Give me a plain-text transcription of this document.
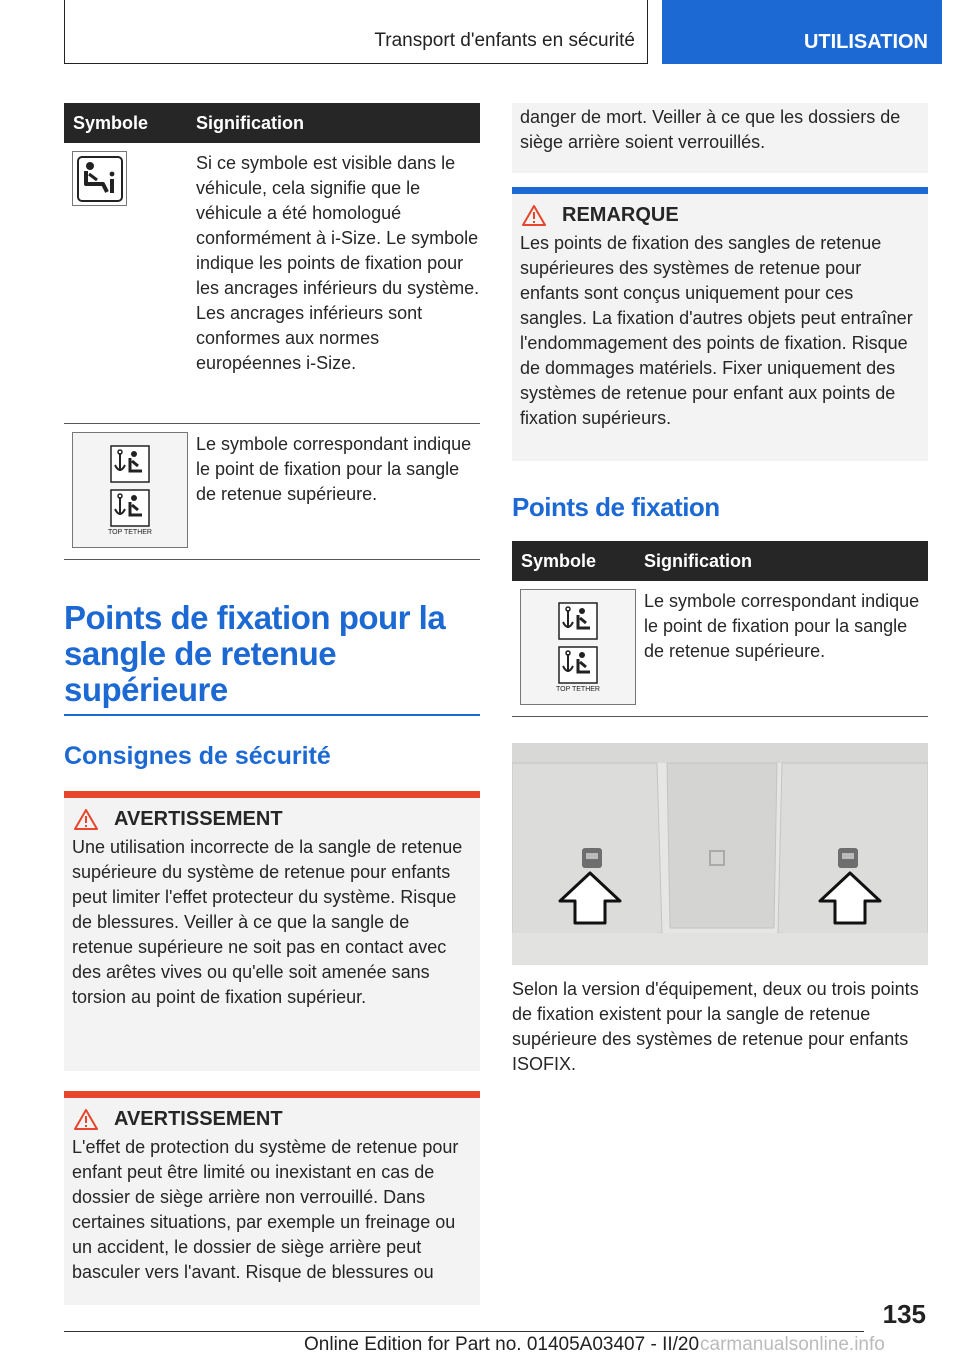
Transport d'enfants en sécurité	UTILISATION
Symbole	Signification
Si ce symbole est visible dans le véhicule, cela signifie que le véhicule a été homologué conformément à i-Size. Le symbole indique les points de fixation pour les ancrages inférieurs du système. Les ancrages inférieurs sont conformes aux normes européennes i-Size.
TOP TETHER
Le symbole correspondant indique le point de fixation pour la sangle de retenue supérieure.
Points de fixation pour la sangle de retenue supérieure
Consignes de sécurité
AVERTISSEMENT
Une utilisation incorrecte de la sangle de retenue supérieure du système de retenue pour enfants peut limiter l'effet protecteur du système. Risque de blessures. Veiller à ce que la sangle de retenue supérieure ne soit pas en contact avec des arêtes vives ou qu'elle soit amenée sans torsion au point de fixation supérieur.
AVERTISSEMENT
L'effet de protection du système de retenue pour enfant peut être limité ou inexistant en cas de dossier de siège arrière non verrouillé. Dans certaines situations, par exemple un freinage ou un accident, le dossier de siège arrière peut basculer vers l'avant. Risque de blessures ou
danger de mort. Veiller à ce que les dossiers de siège arrière soient verrouillés.
REMARQUE
Les points de fixation des sangles de retenue supérieures des systèmes de retenue pour enfants sont conçus uniquement pour ces sangles. La fixation d'autres objets peut entraîner l'endommagement des points de fixation. Risque de dommages matériels. Fixer uniquement des systèmes de retenue pour enfant aux points de fixation supérieurs.
Points de fixation
Symbole	Signification
TOP TETHER
Le symbole correspondant indique le point de fixation pour la sangle de retenue supérieure.
Selon la version d'équipement, deux ou trois points de fixation existent pour la sangle de retenue supérieure des systèmes de retenue pour enfants ISOFIX.
135
Online Edition for Part no. 01405A03407 - II/20 carmanualsonline.info
